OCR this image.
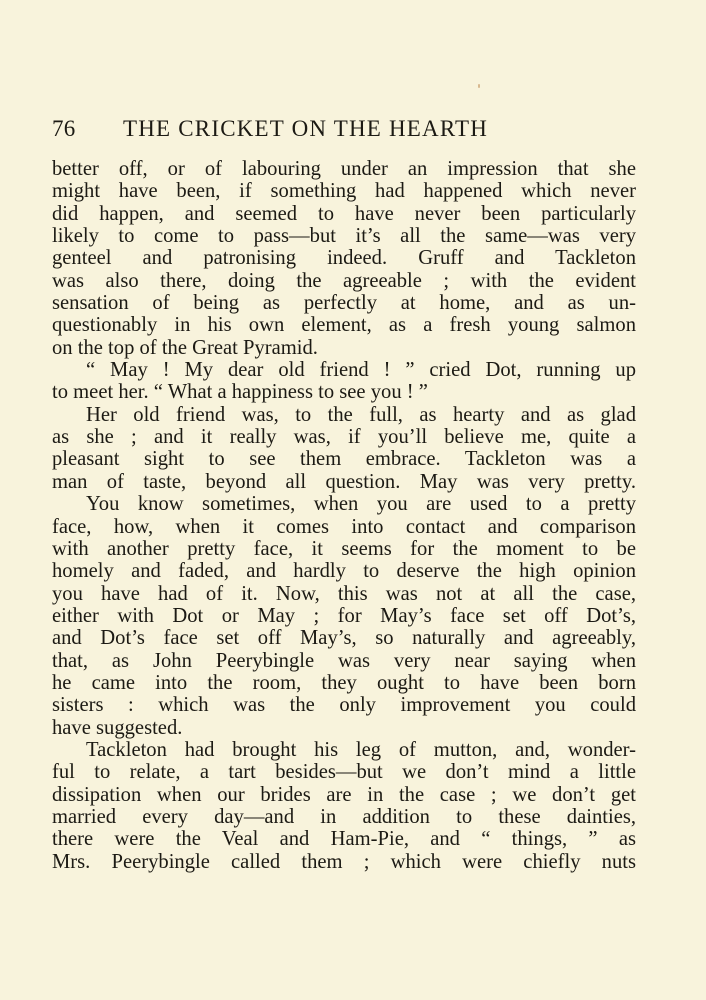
76 THE CRICKET ON THE HEARTH

better off, or of labouring under an impression that she
might have been, if something had happened which never
did happen, and seemed to have never been particularly
likely to come to pass—but it’s all the same—was very
genteel and patronising indeed. Gruff and Tackleton
was also there, doing the agreeable ; with the evident
sensation of being as perfectly at home, and as un-
questionably in his own element, as a fresh young salmon
on the top of the Great Pyramid.

“ May ! My dear old friend ! ” cried Dot, running up
to meet her. “ What a happiness to see you ! ”

Her old friend was, to the full, as hearty and as glad
as she ; and it really was, if you’ll believe me, quite a
pleasant sight to see them embrace. Tackleton was a
man of taste, beyond all question. May was very pretty.

You know sometimes, when you are used to a pretty
face, how, when it comes into contact and comparison
with another pretty face, it seems for the moment to be
homely and faded, and hardly to deserve the high opinion
you have had of it. Now, this was not at all the case,
either with Dot or May ; for May’s face set off Dot’s,
and Dot’s face set off May’s, so naturally and agreeably,
that, as John Peerybingle was very near saying when
he came into the room, they ought to have been born
sisters : which was the only improvement you could
have suggested.

Tackleton had brought his leg of mutton, and, wonder-
ful to relate, a tart besides—but we don’t mind a little
dissipation when our brides are in the case ; we don’t get
married every day—and in addition to these dainties,
there were the Veal and Ham-Pie, and “ things, ” as
Mrs. Peerybingle called them ; which were chiefly nuts
